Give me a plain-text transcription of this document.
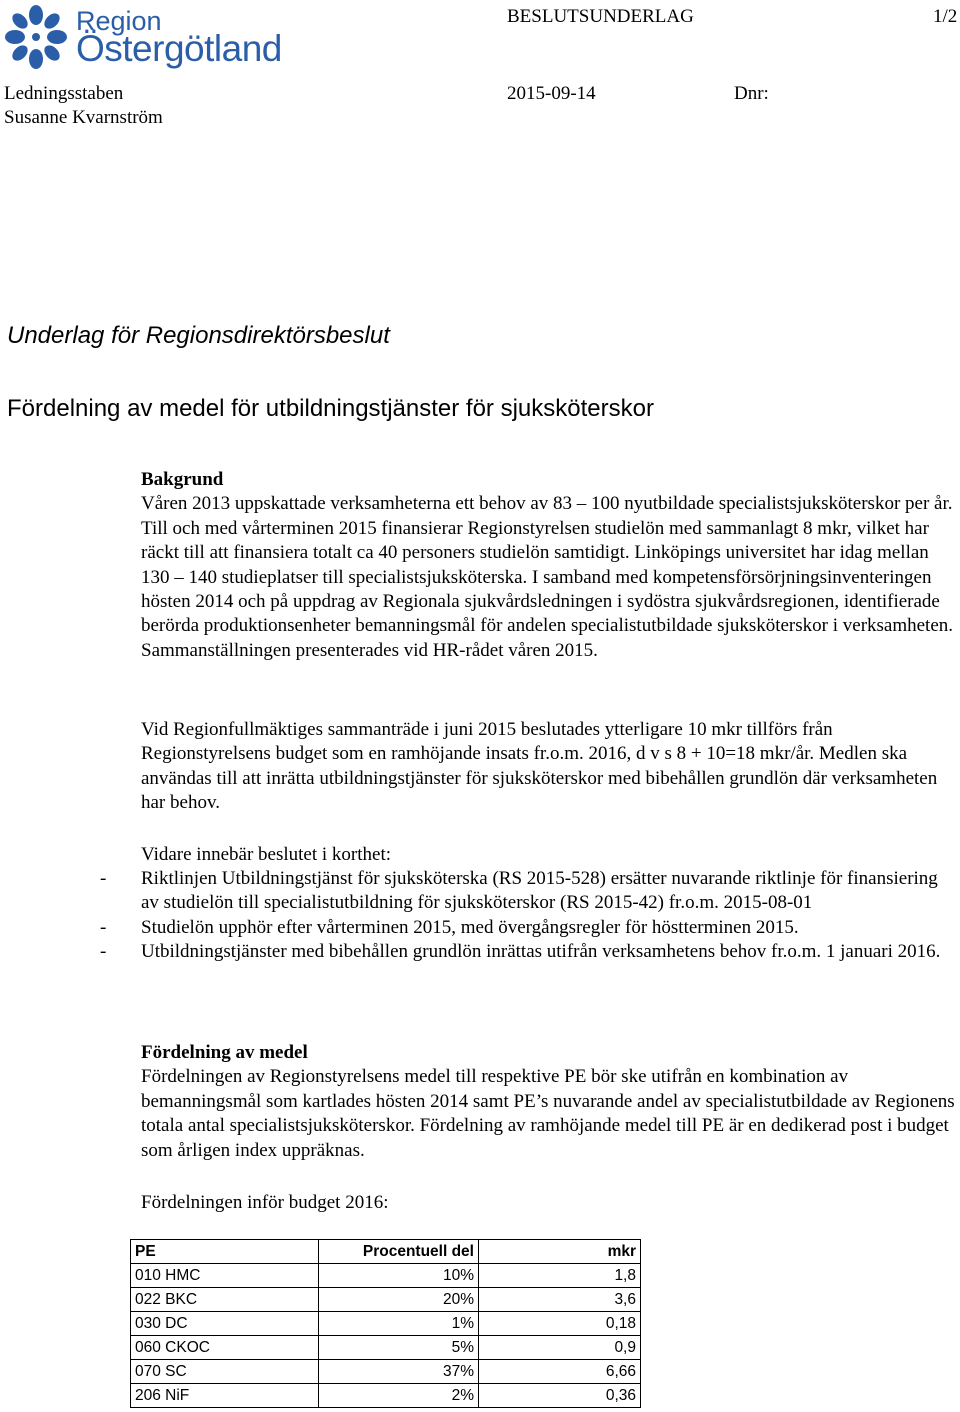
Region
Östergötland
BESLUTSUNDERLAG	1/2
Ledningsstaben
Susanne Kvarnström
2015-09-14	Dnr:
Underlag för Regionsdirektörsbeslut
Fördelning av medel för utbildningstjänster för sjuksköterskor

Bakgrund

Våren 2013 uppskattade verksamheterna ett behov av 83 – 100 nyutbildade specialistsjuksköterskor per år. Till och med vårterminen 2015 finansierar Regionstyrelsen studielön med sammanlagt 8 mkr, vilket har räckt till att finansiera totalt ca 40 personers studielön samtidigt. Linköpings universitet har idag mellan 130 – 140 studieplatser till specialistsjuksköterska. I samband med kompetensförsörjningsinventeringen hösten 2014 och på uppdrag av Regionala sjukvårdsledningen i sydöstra sjukvårdsregionen, identifierade berörda produktionsenheter bemanningsmål för andelen specialistutbildade sjuksköterskor i verksamheten. Sammanställningen presenterades vid HR-rådet våren 2015.

Vid Regionfullmäktiges sammanträde i juni 2015 beslutades ytterligare 10 mkr tillförs från Regionstyrelsens budget som en ramhöjande insats fr.o.m. 2016, d v s 8 + 10=18 mkr/år. Medlen ska användas till att inrätta utbildningstjänster för sjuksköterskor med bibehållen grundlön där verksamheten har behov.

Vidare innebär beslutet i korthet:

-	Riktlinjen Utbildningstjänst för sjuksköterska (RS 2015-528) ersätter nuvarande riktlinje för finansiering av studielön till specialistutbildning för sjuksköterskor (RS 2015-42) fr.o.m. 2015-08-01
-	Studielön upphör efter vårterminen 2015, med övergångsregler för höstterminen 2015.
-	Utbildningstjänster med bibehållen grundlön inrättas utifrån verksamhetens behov fr.o.m. 1 januari 2016.

Fördelning av medel

Fördelningen av Regionstyrelsens medel till respektive PE bör ske utifrån en kombination av bemanningsmål som kartlades hösten 2014 samt PE’s nuvarande andel av specialistutbildade av Regionens totala antal specialistsjuksköterskor. Fördelning av ramhöjande medel till PE är en dedikerad post i budget som årligen index uppräknas.

Fördelningen inför budget 2016:

PE	Procentuell del	mkr
010 HMC	10%	1,8
022 BKC	20%	3,6
030 DC	1%	0,18
060 CKOC	5%	0,9
070 SC	37%	6,66
206 NiF	2%	0,36
